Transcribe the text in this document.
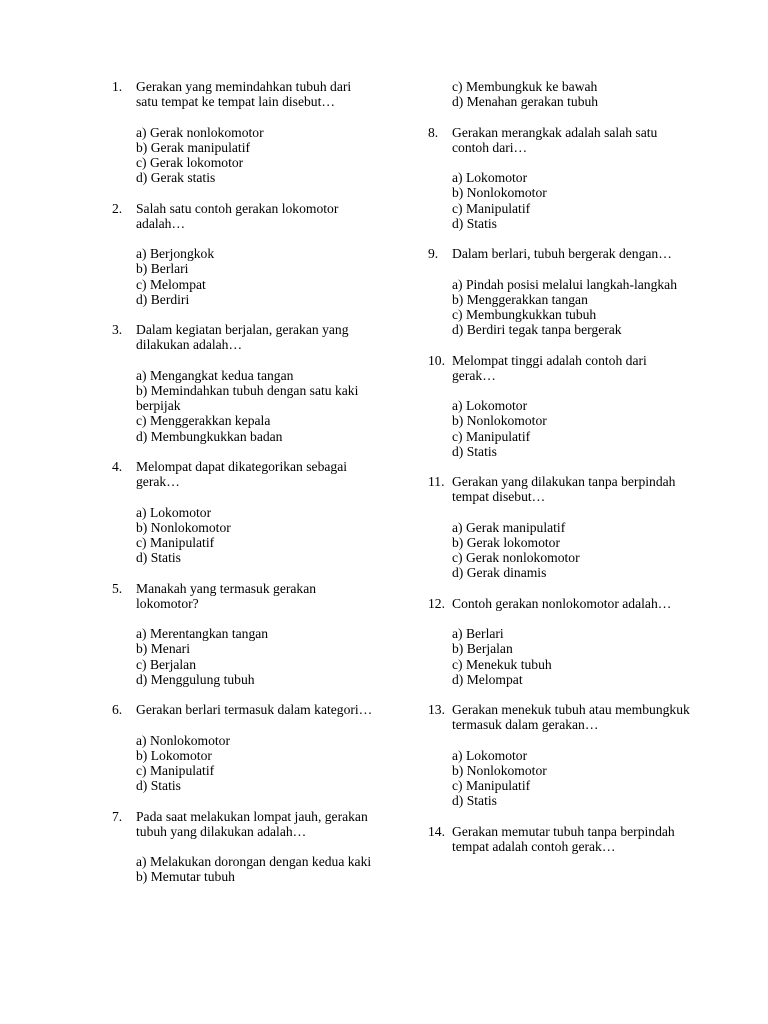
1.	Gerakan yang memindahkan tubuh dari satu tempat ke tempat lain disebut…
a) Gerak nonlokomotor
b) Gerak manipulatif
c) Gerak lokomotor
d) Gerak statis
2.	Salah satu contoh gerakan lokomotor adalah…
a) Berjongkok
b) Berlari
c) Melompat
d) Berdiri
3.	Dalam kegiatan berjalan, gerakan yang dilakukan adalah…
a) Mengangkat kedua tangan
b) Memindahkan tubuh dengan satu kaki berpijak
c) Menggerakkan kepala
d) Membungkukkan badan
4.	Melompat dapat dikategorikan sebagai gerak…
a) Lokomotor
b) Nonlokomotor
c) Manipulatif
d) Statis
5.	Manakah yang termasuk gerakan lokomotor?
a) Merentangkan tangan
b) Menari
c) Berjalan
d) Menggulung tubuh
6.	Gerakan berlari termasuk dalam kategori…
a) Nonlokomotor
b) Lokomotor
c) Manipulatif
d) Statis
7.	Pada saat melakukan lompat jauh, gerakan tubuh yang dilakukan adalah…
a) Melakukan dorongan dengan kedua kaki
b) Memutar tubuh
c) Membungkuk ke bawah
d) Menahan gerakan tubuh
8.	Gerakan merangkak adalah salah satu contoh dari…
a) Lokomotor
b) Nonlokomotor
c) Manipulatif
d) Statis
9.	Dalam berlari, tubuh bergerak dengan…
a) Pindah posisi melalui langkah-langkah
b) Menggerakkan tangan
c) Membungkukkan tubuh
d) Berdiri tegak tanpa bergerak
10. Melompat tinggi adalah contoh dari gerak…
a) Lokomotor
b) Nonlokomotor
c) Manipulatif
d) Statis
11. Gerakan yang dilakukan tanpa berpindah tempat disebut…
a) Gerak manipulatif
b) Gerak lokomotor
c) Gerak nonlokomotor
d) Gerak dinamis
12. Contoh gerakan nonlokomotor adalah…
a) Berlari
b) Berjalan
c) Menekuk tubuh
d) Melompat
13. Gerakan menekuk tubuh atau membungkuk termasuk dalam gerakan…
a) Lokomotor
b) Nonlokomotor
c) Manipulatif
d) Statis
14. Gerakan memutar tubuh tanpa berpindah tempat adalah contoh gerak…
